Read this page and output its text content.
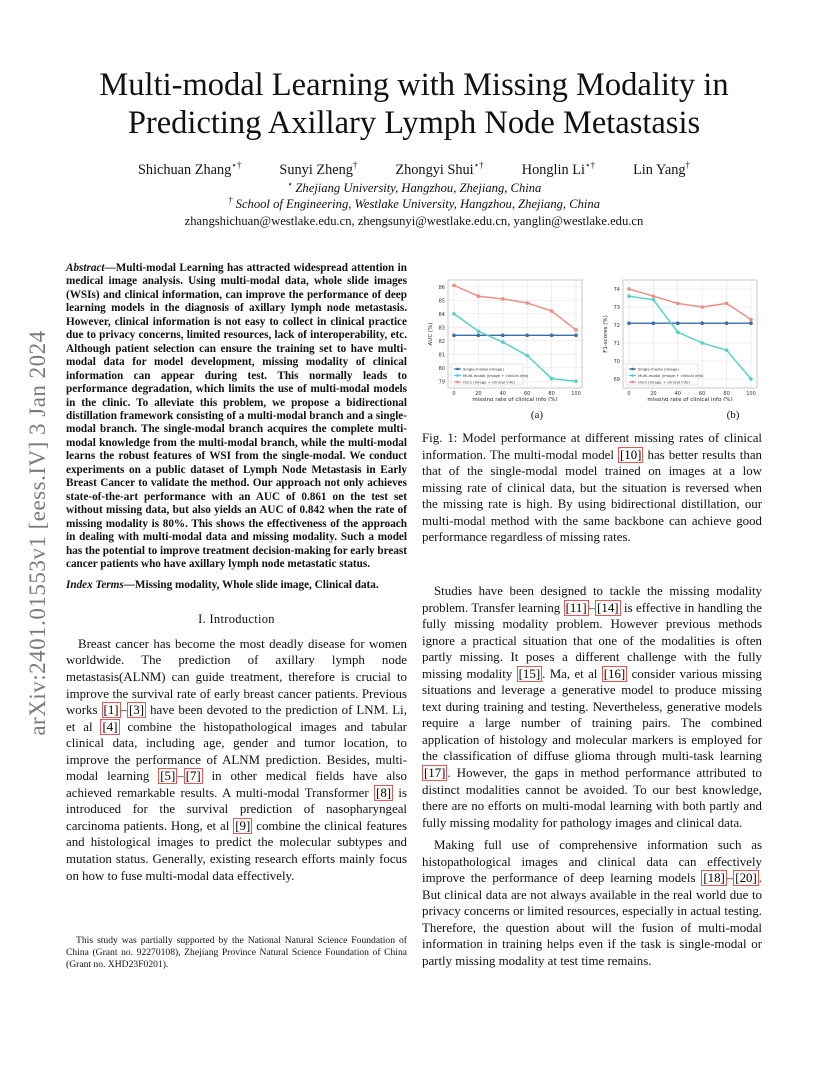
arXiv:2401.01553v1 [eess.IV] 3 Jan 2024
Multi-modal Learning with Missing Modality in Predicting Axillary Lymph Node Metastasis
Shichuan Zhang⋆†	Sunyi Zheng†	Zhongyi Shui⋆†	Honglin Li⋆†	Lin Yang†
⋆ Zhejiang University, Hangzhou, Zhejiang, China
† School of Engineering, Westlake University, Hangzhou, Zhejiang, China
zhangshichuan@westlake.edu.cn, zhengsunyi@westlake.edu.cn, yanglin@westlake.edu.cn

Abstract—Multi-modal Learning has attracted widespread attention in medical image analysis. Using multi-modal data, whole slide images (WSIs) and clinical information, can improve the performance of deep learning models in the diagnosis of axillary lymph node metastasis. However, clinical information is not easy to collect in clinical practice due to privacy concerns, limited resources, lack of interoperability, etc. Although patient selection can ensure the training set to have multi-modal data for model development, missing modality of clinical information can appear during test. This normally leads to performance degradation, which limits the use of multi-modal models in the clinic. To alleviate this problem, we propose a bidirectional distillation framework consisting of a multi-modal branch and a single-modal branch. The single-modal branch acquires the complete multi-modal knowledge from the multi-modal branch, while the multi-modal learns the robust features of WSI from the single-modal. We conduct experiments on a public dataset of Lymph Node Metastasis in Early Breast Cancer to validate the method. Our approach not only achieves state-of-the-art performance with an AUC of 0.861 on the test set without missing data, but also yields an AUC of 0.842 when the rate of missing modality is 80%. This shows the effectiveness of the approach in dealing with multi-modal data and missing modality. Such a model has the potential to improve treatment decision-making for early breast cancer patients who have axillary lymph node metastatic status.

Index Terms—Missing modality, Whole slide image, Clinical data.

I. Introduction

Breast cancer has become the most deadly disease for women worldwide. The prediction of axillary lymph node metastasis(ALNM) can guide treatment, therefore is crucial to improve the survival rate of early breast cancer patients. Previous works [1] – [3] have been devoted to the prediction of LNM. Li, et al [4] combine the histopathological images and tabular clinical data, including age, gender and tumor location, to improve the performance of ALNM prediction. Besides, multi-modal learning [5] – [7] in other medical fields have also achieved remarkable results. A multi-modal Transformer [8] is introduced for the survival prediction of nasopharyngeal carcinoma patients. Hong, et al [9] combine the clinical features and histological images to predict the molecular subtypes and mutation status. Generally, existing research efforts mainly focus on how to fuse multi-modal data effectively.

This study was partially supported by the National Natural Science Foundation of China (Grant no. 92270108), Zhejiang Province Natural Science Foundation of China (Grant no. XHD23F0201).
79
80
81
82
83
84
85
86
0	20	40	60	80	100
missing rate of clinical info (%)
AUC (%)
Single-modal (image)
Multi-modal (image + clinical info)
Ours (image + clinical info)	69
70
71
72
73
74
0	20	40	60	80	100
missing rate of clinical info (%)
F1-scores (%)
Single-modal (image)
Multi-modal (image + clinical info)
Ours (image + clinical info)
(a)	(b)

Fig. 1: Model performance at different missing rates of clinical information. The multi-modal model [10] has better results than that of the single-modal model trained on images at a low missing rate of clinical data, but the situation is reversed when the missing rate is high. By using bidirectional distillation, our multi-modal method with the same backbone can achieve good performance regardless of missing rates.

Studies have been designed to tackle the missing modality problem. Transfer learning [11] – [14] is effective in handling the fully missing modality problem. However previous methods ignore a practical situation that one of the modalities is often partly missing. It poses a different challenge with the fully missing modality [15] . Ma, et al [16] consider various missing situations and leverage a generative model to produce missing text during training and testing. Nevertheless, generative models require a large number of training pairs. The combined application of histology and molecular markers is employed for the classification of diffuse glioma through multi-task learning [17] . However, the gaps in method performance attributed to distinct modalities cannot be avoided. To our best knowledge, there are no efforts on multi-modal learning with both partly and fully missing modality for pathology images and clinical data.

Making full use of comprehensive information such as histopathological images and clinical data can effectively improve the performance of deep learning models [18] – [20] . But clinical data are not always available in the real world due to privacy concerns or limited resources, especially in actual testing. Therefore, the question about will the fusion of multi-modal information in training helps even if the task is single-modal or partly missing modality at test time remains.
